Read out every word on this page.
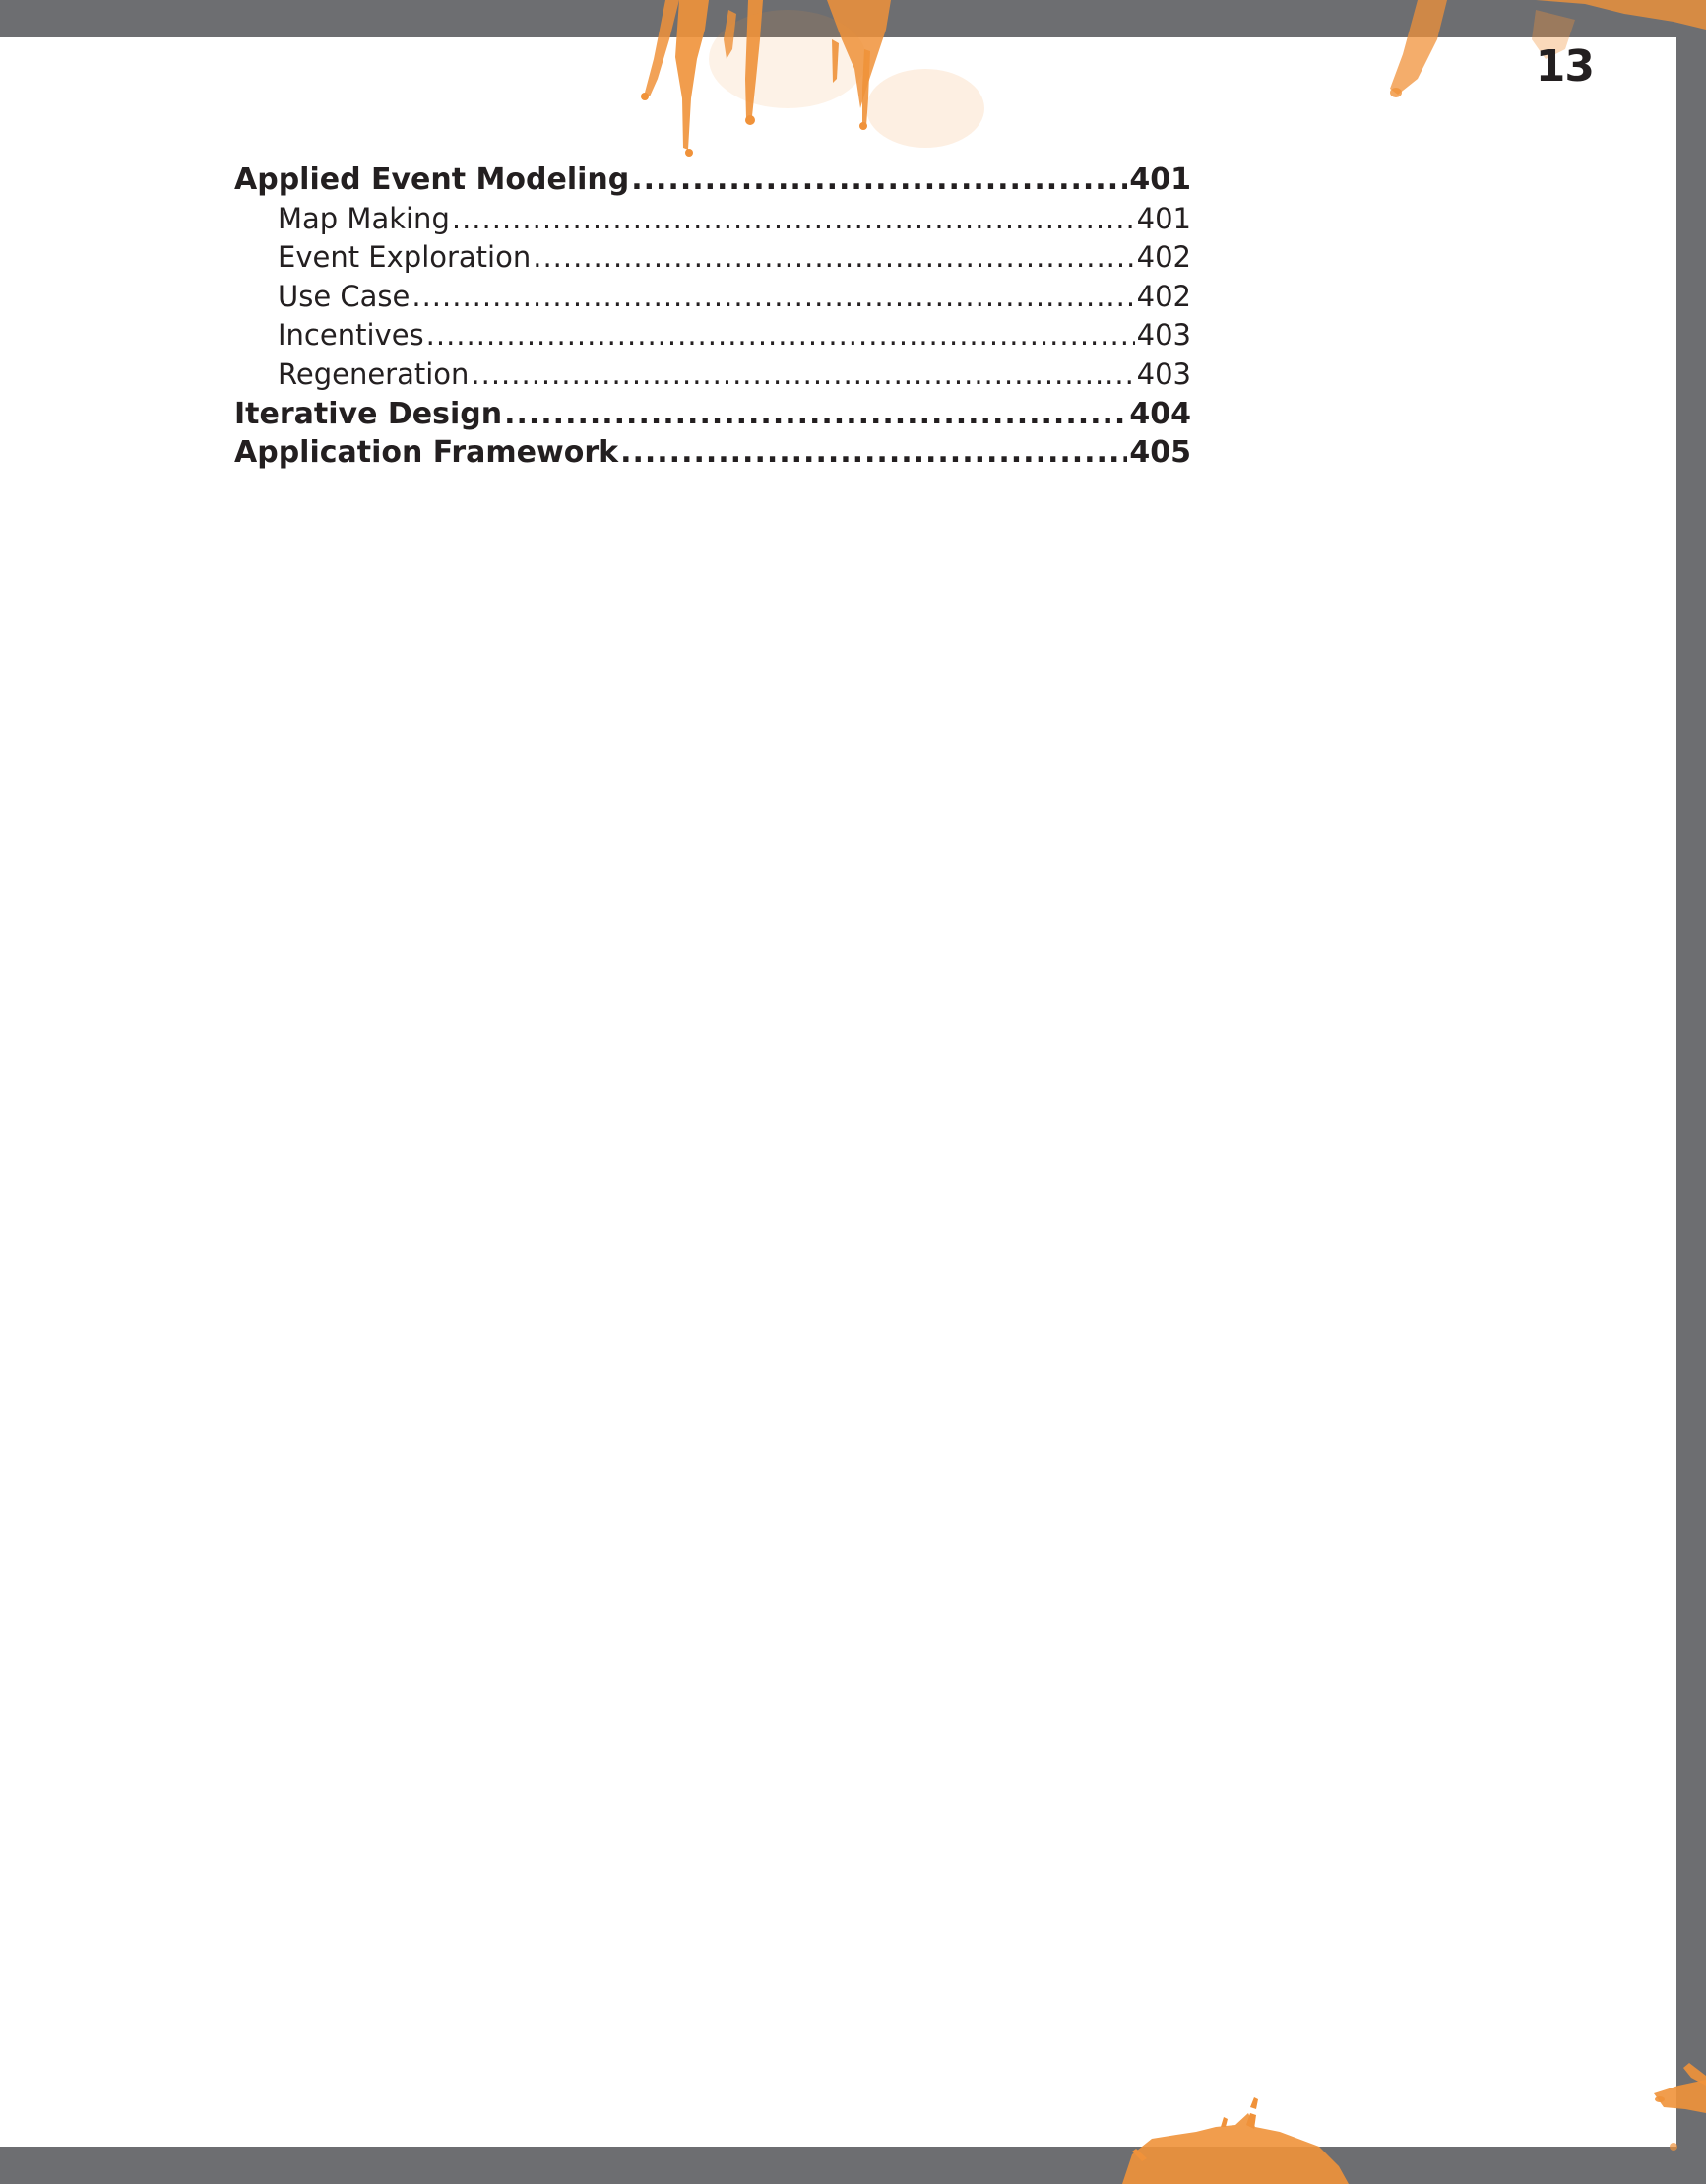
13
Applied Event Modeling .....	401
Map Making .....	401
Event Exploration .....	402
Use Case .....	402
Incentives .....	403
Regeneration .....	403
Iterative Design .....	404
Application Framework .....	405
